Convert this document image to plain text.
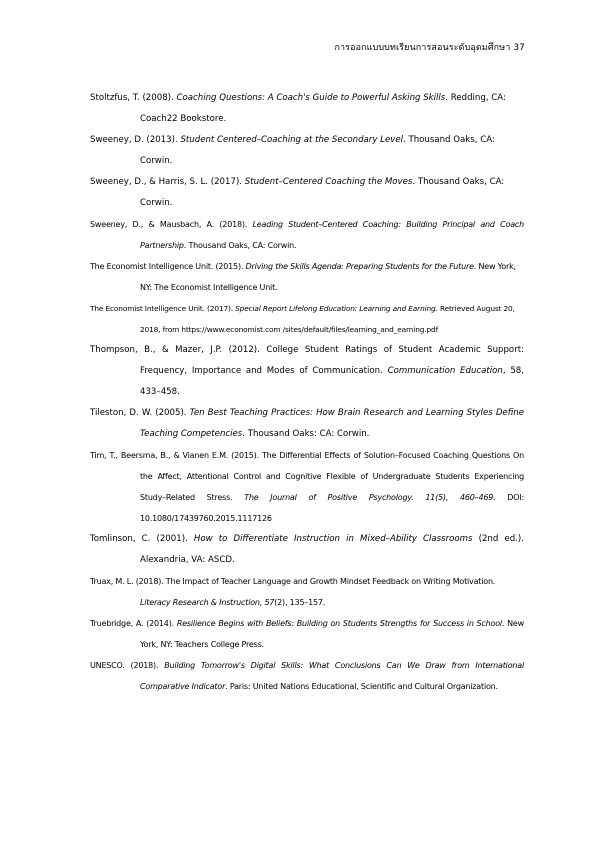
การออกแบบบทเรียนการสอนระดับอุดมศึกษา 37

Stoltzfus, T. (2008). Coaching Questions: A Coach's Guide to Powerful Asking Skills. Redding, CA: Coach22 Bookstore.

Sweeney, D. (2013). Student Centered–Coaching at the Secondary Level. Thousand Oaks, CA: Corwin.

Sweeney, D., & Harris, S. L. (2017). Student–Centered Coaching the Moves. Thousand Oaks, CA: Corwin.

Sweeney, D., & Mausbach, A. (2018). Leading Student–Centered Coaching: Building Principal and Coach Partnership. Thousand Oaks, CA: Corwin.

The Economist Intelligence Unit. (2015). Driving the Skills Agenda: Preparing Students for the Future. New York, NY: The Economist Intelligence Unit.

The Economist Intelligence Unit. (2017). Special Report Lifelong Education: Learning and Earning. Retrieved August 20, 2018, from https://www.economist.com /sites/default/files/learning_and_earning.pdf

Thompson, B., & Mazer, J.P. (2012). College Student Ratings of Student Academic Support: Frequency, Importance and Modes of Communication. Communication Education, 58, 433–458.

Tileston, D. W. (2005). Ten Best Teaching Practices: How Brain Research and Learning Styles Define Teaching Competencies. Thousand Oaks: CA: Corwin.

Tim, T., Beersma, B., & Vianen E.M. (2015). The Differential Effects of Solution–Focused Coaching Questions On the Affect, Attentional Control and Cognitive Flexible of Undergraduate Students Experiencing Study–Related Stress. The Journal of Positive Psychology. 11(5), 460–469. DOI: 10.1080/17439760.2015.1117126

Tomlinson, C. (2001). How to Differentiate Instruction in Mixed–Ability Classrooms (2nd ed.). Alexandria, VA: ASCD.

Truax, M. L. (2018). The Impact of Teacher Language and Growth Mindset Feedback on Writing Motivation. Literacy Research & Instruction, 57(2), 135–157.

Truebridge, A. (2014). Resilience Begins with Beliefs: Building on Students Strengths for Success in School. New York, NY: Teachers College Press.

UNESCO. (2018). Building Tomorrow's Digital Skills: What Conclusions Can We Draw from International Comparative Indicator. Paris: United Nations Educational, Scientific and Cultural Organization.
